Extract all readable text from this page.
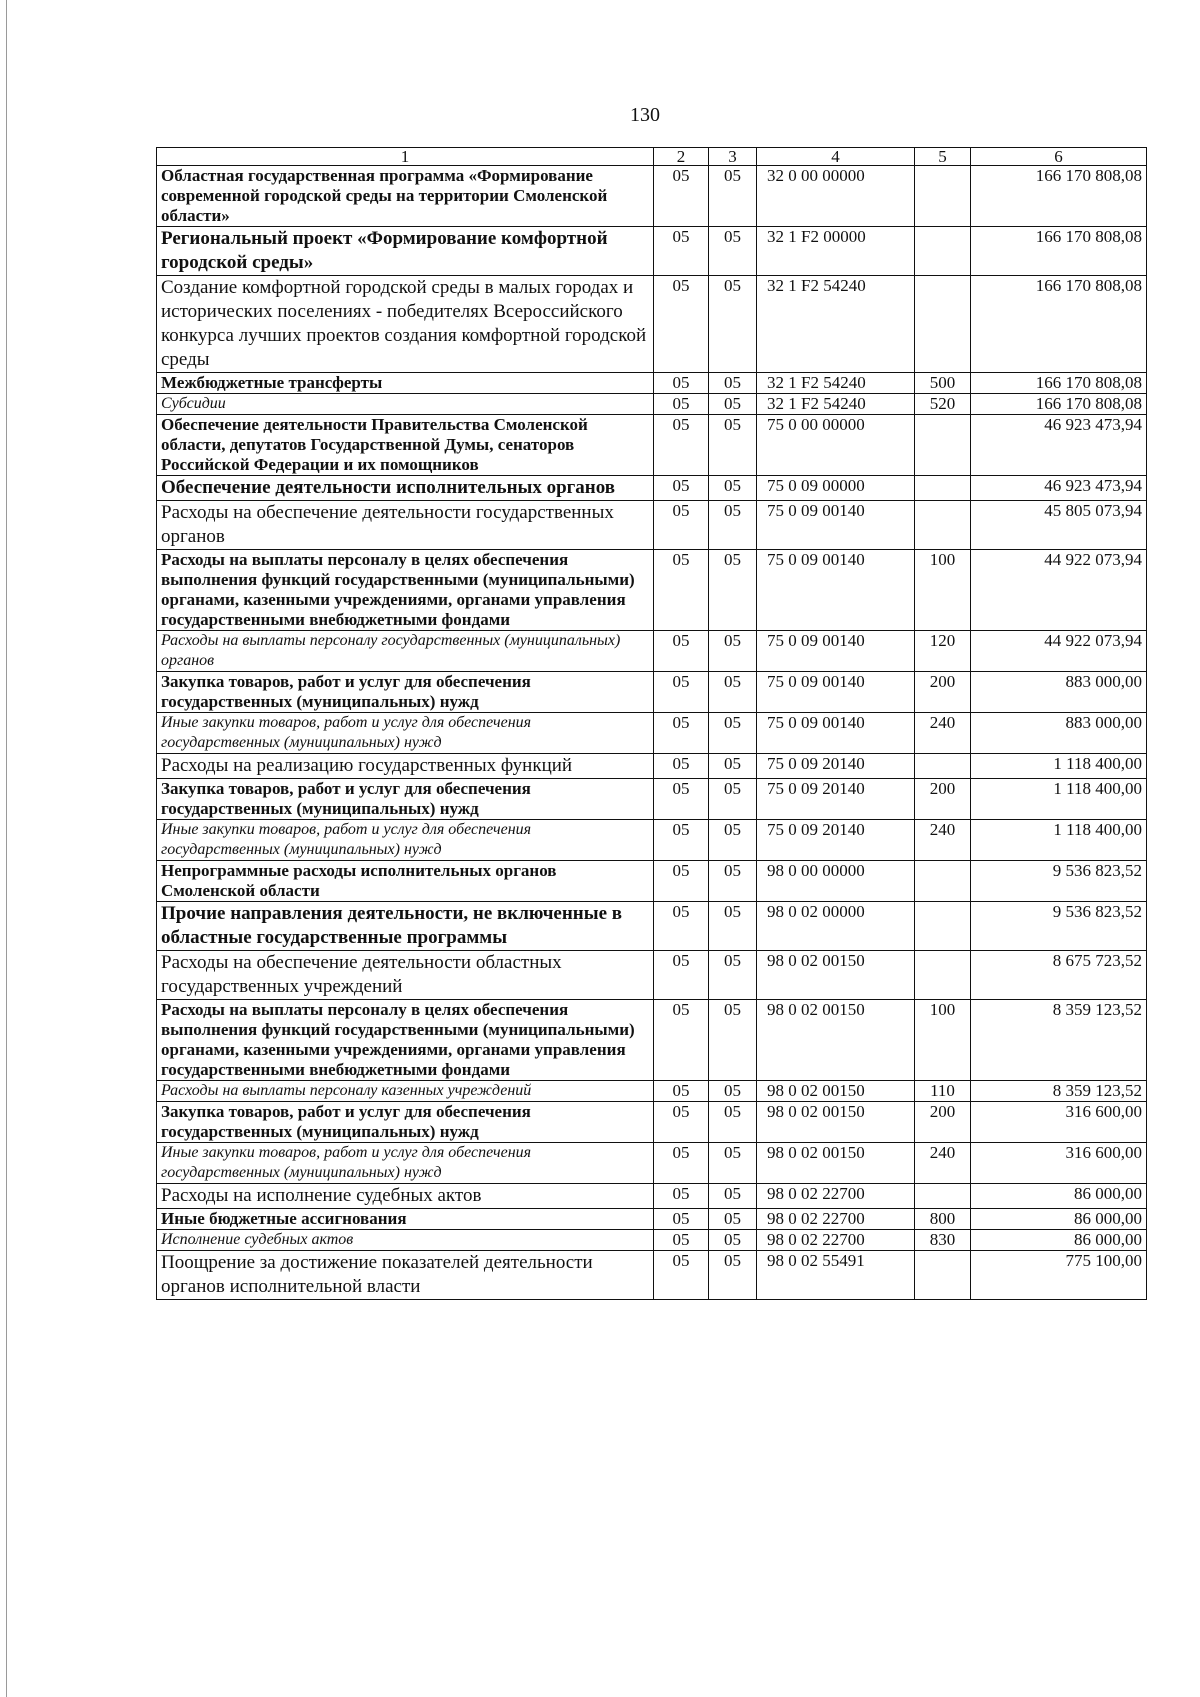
130
1	2	3	4	5	6
Областная государственная программа «Формирование современной городской среды на территории Смоленской области»	05	05	32 0 00 00000		166 170 808,08
Региональный проект «Формирование комфортной городской среды»	05	05	32 1 F2 00000		166 170 808,08
Создание комфортной городской среды в малых городах и исторических поселениях - победителях Всероссийского конкурса лучших проектов создания комфортной городской среды	05	05	32 1 F2 54240		166 170 808,08
Межбюджетные трансферты	05	05	32 1 F2 54240	500	166 170 808,08
Субсидии	05	05	32 1 F2 54240	520	166 170 808,08
Обеспечение деятельности Правительства Смоленской области, депутатов Государственной Думы, сенаторов Российской Федерации и их помощников	05	05	75 0 00 00000		46 923 473,94
Обеспечение деятельности исполнительных органов	05	05	75 0 09 00000		46 923 473,94
Расходы на обеспечение деятельности государственных органов	05	05	75 0 09 00140		45 805 073,94
Расходы на выплаты персоналу в целях обеспечения выполнения функций государственными (муниципальными) органами, казенными учреждениями, органами управления государственными внебюджетными фондами	05	05	75 0 09 00140	100	44 922 073,94
Расходы на выплаты персоналу государственных (муниципальных) органов	05	05	75 0 09 00140	120	44 922 073,94
Закупка товаров, работ и услуг для обеспечения государственных (муниципальных) нужд	05	05	75 0 09 00140	200	883 000,00
Иные закупки товаров, работ и услуг для обеспечения государственных (муниципальных) нужд	05	05	75 0 09 00140	240	883 000,00
Расходы на реализацию государственных функций	05	05	75 0 09 20140		1 118 400,00
Закупка товаров, работ и услуг для обеспечения государственных (муниципальных) нужд	05	05	75 0 09 20140	200	1 118 400,00
Иные закупки товаров, работ и услуг для обеспечения государственных (муниципальных) нужд	05	05	75 0 09 20140	240	1 118 400,00
Непрограммные расходы исполнительных органов Смоленской области	05	05	98 0 00 00000		9 536 823,52
Прочие направления деятельности, не включенные в областные государственные программы	05	05	98 0 02 00000		9 536 823,52
Расходы на обеспечение деятельности областных государственных учреждений	05	05	98 0 02 00150		8 675 723,52
Расходы на выплаты персоналу в целях обеспечения выполнения функций государственными (муниципальными) органами, казенными учреждениями, органами управления государственными внебюджетными фондами	05	05	98 0 02 00150	100	8 359 123,52
Расходы на выплаты персоналу казенных учреждений	05	05	98 0 02 00150	110	8 359 123,52
Закупка товаров, работ и услуг для обеспечения государственных (муниципальных) нужд	05	05	98 0 02 00150	200	316 600,00
Иные закупки товаров, работ и услуг для обеспечения государственных (муниципальных) нужд	05	05	98 0 02 00150	240	316 600,00
Расходы на исполнение судебных актов	05	05	98 0 02 22700		86 000,00
Иные бюджетные ассигнования	05	05	98 0 02 22700	800	86 000,00
Исполнение судебных актов	05	05	98 0 02 22700	830	86 000,00
Поощрение за достижение показателей деятельности органов исполнительной власти	05	05	98 0 02 55491		775 100,00
